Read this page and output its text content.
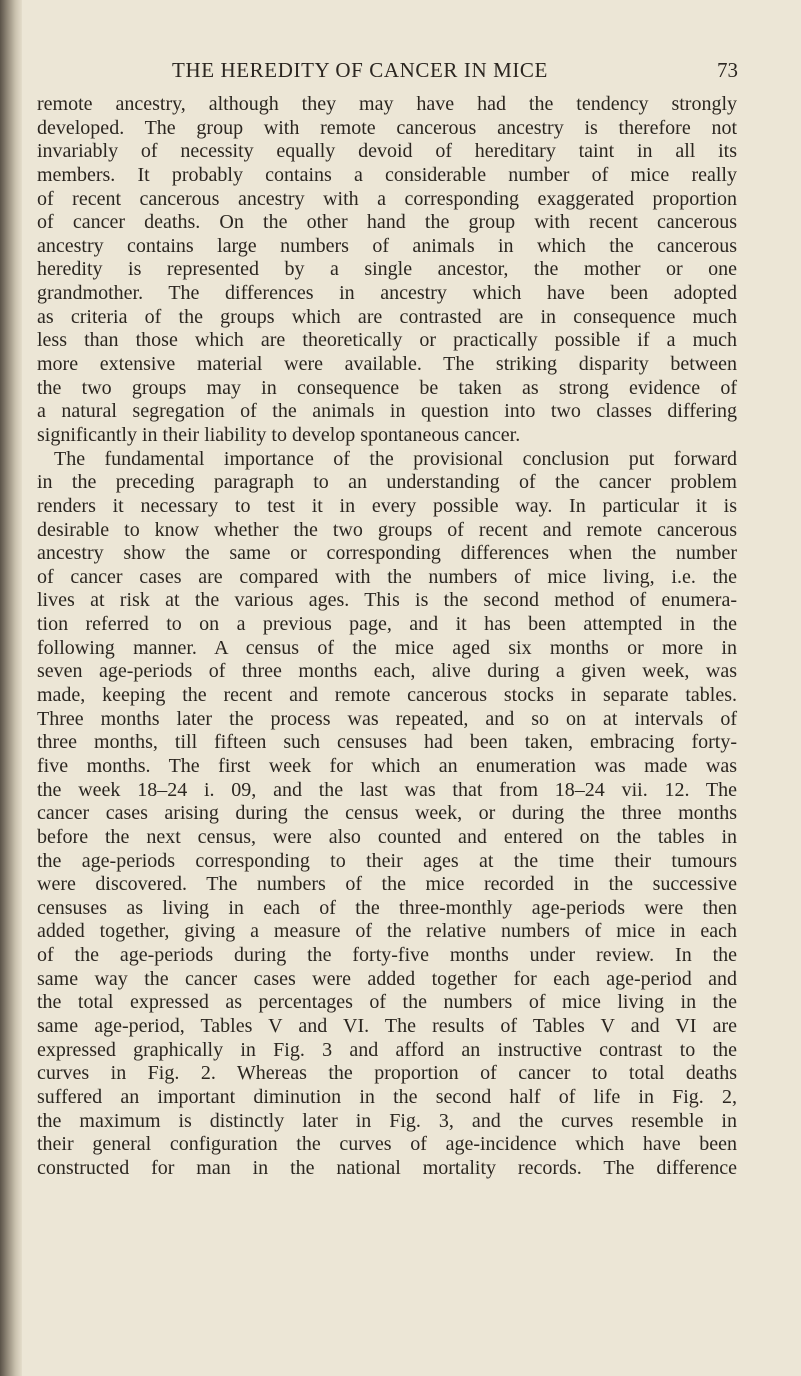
THE HEREDITY OF CANCER IN MICE	73
remote ancestry, although they may have had the tendency strongly
developed. The group with remote cancerous ancestry is therefore not
invariably of necessity equally devoid of hereditary taint in all its
members. It probably contains a considerable number of mice really
of recent cancerous ancestry with a corresponding exaggerated proportion
of cancer deaths. On the other hand the group with recent cancerous
ancestry contains large numbers of animals in which the cancerous
heredity is represented by a single ancestor, the mother or one
grandmother. The differences in ancestry which have been adopted
as criteria of the groups which are contrasted are in consequence much
less than those which are theoretically or practically possible if a much
more extensive material were available. The striking disparity between
the two groups may in consequence be taken as strong evidence of
a natural segregation of the animals in question into two classes differing
significantly in their liability to develop spontaneous cancer.
The fundamental importance of the provisional conclusion put forward
in the preceding paragraph to an understanding of the cancer problem
renders it necessary to test it in every possible way. In particular it is
desirable to know whether the two groups of recent and remote cancerous
ancestry show the same or corresponding differences when the number
of cancer cases are compared with the numbers of mice living, i.e. the
lives at risk at the various ages. This is the second method of enumera-
tion referred to on a previous page, and it has been attempted in the
following manner. A census of the mice aged six months or more in
seven age-periods of three months each, alive during a given week, was
made, keeping the recent and remote cancerous stocks in separate tables.
Three months later the process was repeated, and so on at intervals of
three months, till fifteen such censuses had been taken, embracing forty-
five months. The first week for which an enumeration was made was
the week 18–24 i. 09, and the last was that from 18–24 vii. 12. The
cancer cases arising during the census week, or during the three months
before the next census, were also counted and entered on the tables in
the age-periods corresponding to their ages at the time their tumours
were discovered. The numbers of the mice recorded in the successive
censuses as living in each of the three-monthly age-periods were then
added together, giving a measure of the relative numbers of mice in each
of the age-periods during the forty-five months under review. In the
same way the cancer cases were added together for each age-period and
the total expressed as percentages of the numbers of mice living in the
same age-period, Tables V and VI. The results of Tables V and VI are
expressed graphically in Fig. 3 and afford an instructive contrast to the
curves in Fig. 2. Whereas the proportion of cancer to total deaths
suffered an important diminution in the second half of life in Fig. 2,
the maximum is distinctly later in Fig. 3, and the curves resemble in
their general configuration the curves of age-incidence which have been
constructed for man in the national mortality records. The difference
